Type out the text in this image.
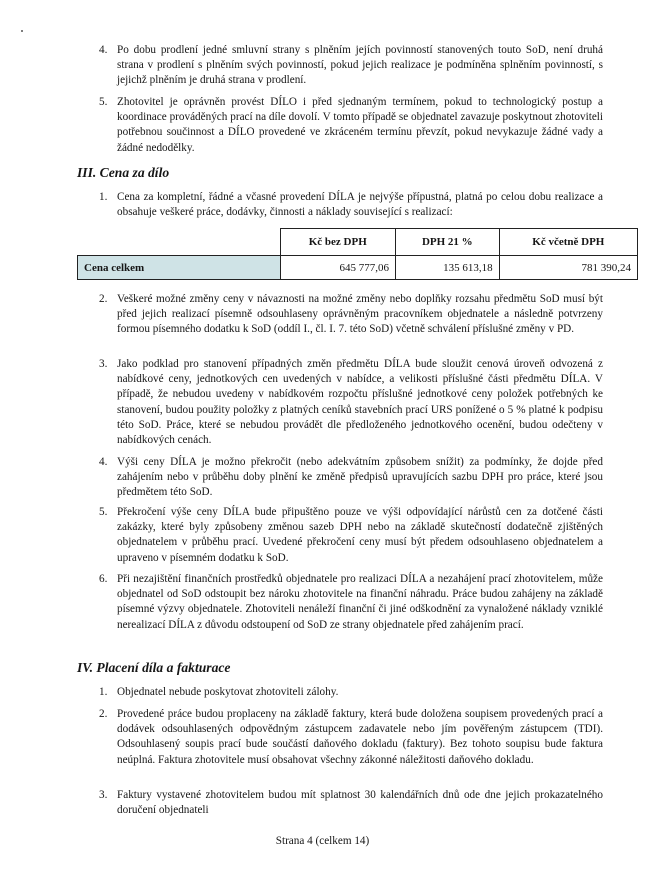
4. Po dobu prodlení jedné smluvní strany s plněním jejích povinností stanovených touto SoD, není druhá strana v prodlení s plněním svých povinností, pokud jejich realizace je podmíněna splněním povinností, s jejichž plněním je druhá strana v prodlení.
5. Zhotovitel je oprávněn provést DÍLO i před sjednaným termínem, pokud to technologický postup a koordinace prováděných prací na díle dovolí. V tomto případě se objednatel zavazuje poskytnout zhotoviteli potřebnou součinnost a DÍLO provedené ve zkráceném termínu převzít, pokud nevykazuje žádné vady a žádné nedodělky.
III. Cena za dílo
1. Cena za kompletní, řádné a včasné provedení DÍLA je nejvýše přípustná, platná po celou dobu realizace a obsahuje veškeré práce, dodávky, činnosti a náklady související s realizací:
	Kč bez DPH	DPH 21 %	Kč včetně DPH
Cena celkem	645 777,06	135 613,18	781 390,24
2. Veškeré možné změny ceny v návaznosti na možné změny nebo doplňky rozsahu předmětu SoD musí být před jejich realizací písemně odsouhlaseny oprávněným pracovníkem objednatele a následně potvrzeny formou písemného dodatku k SoD (oddíl I., čl. I. 7. této SoD) včetně schválení příslušné změny v PD.
3. Jako podklad pro stanovení případných změn předmětu DÍLA bude sloužit cenová úroveň odvozená z nabídkové ceny, jednotkových cen uvedených v nabídce, a velikosti příslušné části předmětu DÍLA. V případě, že nebudou uvedeny v nabídkovém rozpočtu příslušné jednotkové ceny položek potřebných ke stanovení, budou použity položky z platných ceníků stavebních prací URS ponížené o 5 % platné k podpisu této SoD. Práce, které se nebudou provádět dle předloženého jednotkového ocenění, budou odečteny v nabídkových cenách.
4. Výši ceny DÍLA je možno překročit (nebo adekvátním způsobem snížit) za podmínky, že dojde před zahájením nebo v průběhu doby plnění ke změně předpisů upravujících sazbu DPH pro práce, které jsou předmětem této SoD.
5. Překročení výše ceny DÍLA bude připuštěno pouze ve výši odpovídající nárůstů cen za dotčené části zakázky, které byly způsobeny změnou sazeb DPH nebo na základě skutečností dodatečně zjištěných objednatelem v průběhu prací. Uvedené překročení ceny musí být předem odsouhlaseno objednatelem a upraveno v písemném dodatku k SoD.
6. Při nezajištění finančních prostředků objednatele pro realizaci DÍLA a nezahájení prací zhotovitelem, může objednatel od SoD odstoupit bez nároku zhotovitele na finanční náhradu. Práce budou zahájeny na základě písemné výzvy objednatele. Zhotoviteli nenáleží finanční či jiné odškodnění za vynaložené náklady vzniklé nerealizací DÍLA z důvodu odstoupení od SoD ze strany objednatele před zahájením prací.
IV. Placení díla a fakturace
1. Objednatel nebude poskytovat zhotoviteli zálohy.
2. Provedené práce budou proplaceny na základě faktury, která bude doložena soupisem provedených prací a dodávek odsouhlasených odpovědným zástupcem zadavatele nebo jím pověřeným zástupcem (TDI). Odsouhlasený soupis prací bude součástí daňového dokladu (faktury). Bez tohoto soupisu bude faktura neúplná. Faktura zhotovitele musí obsahovat všechny zákonné náležitosti daňového dokladu.
3. Faktury vystavené zhotovitelem budou mít splatnost 30 kalendářních dnů ode dne jejich prokazatelného doručení objednateli
Strana 4 (celkem 14)
